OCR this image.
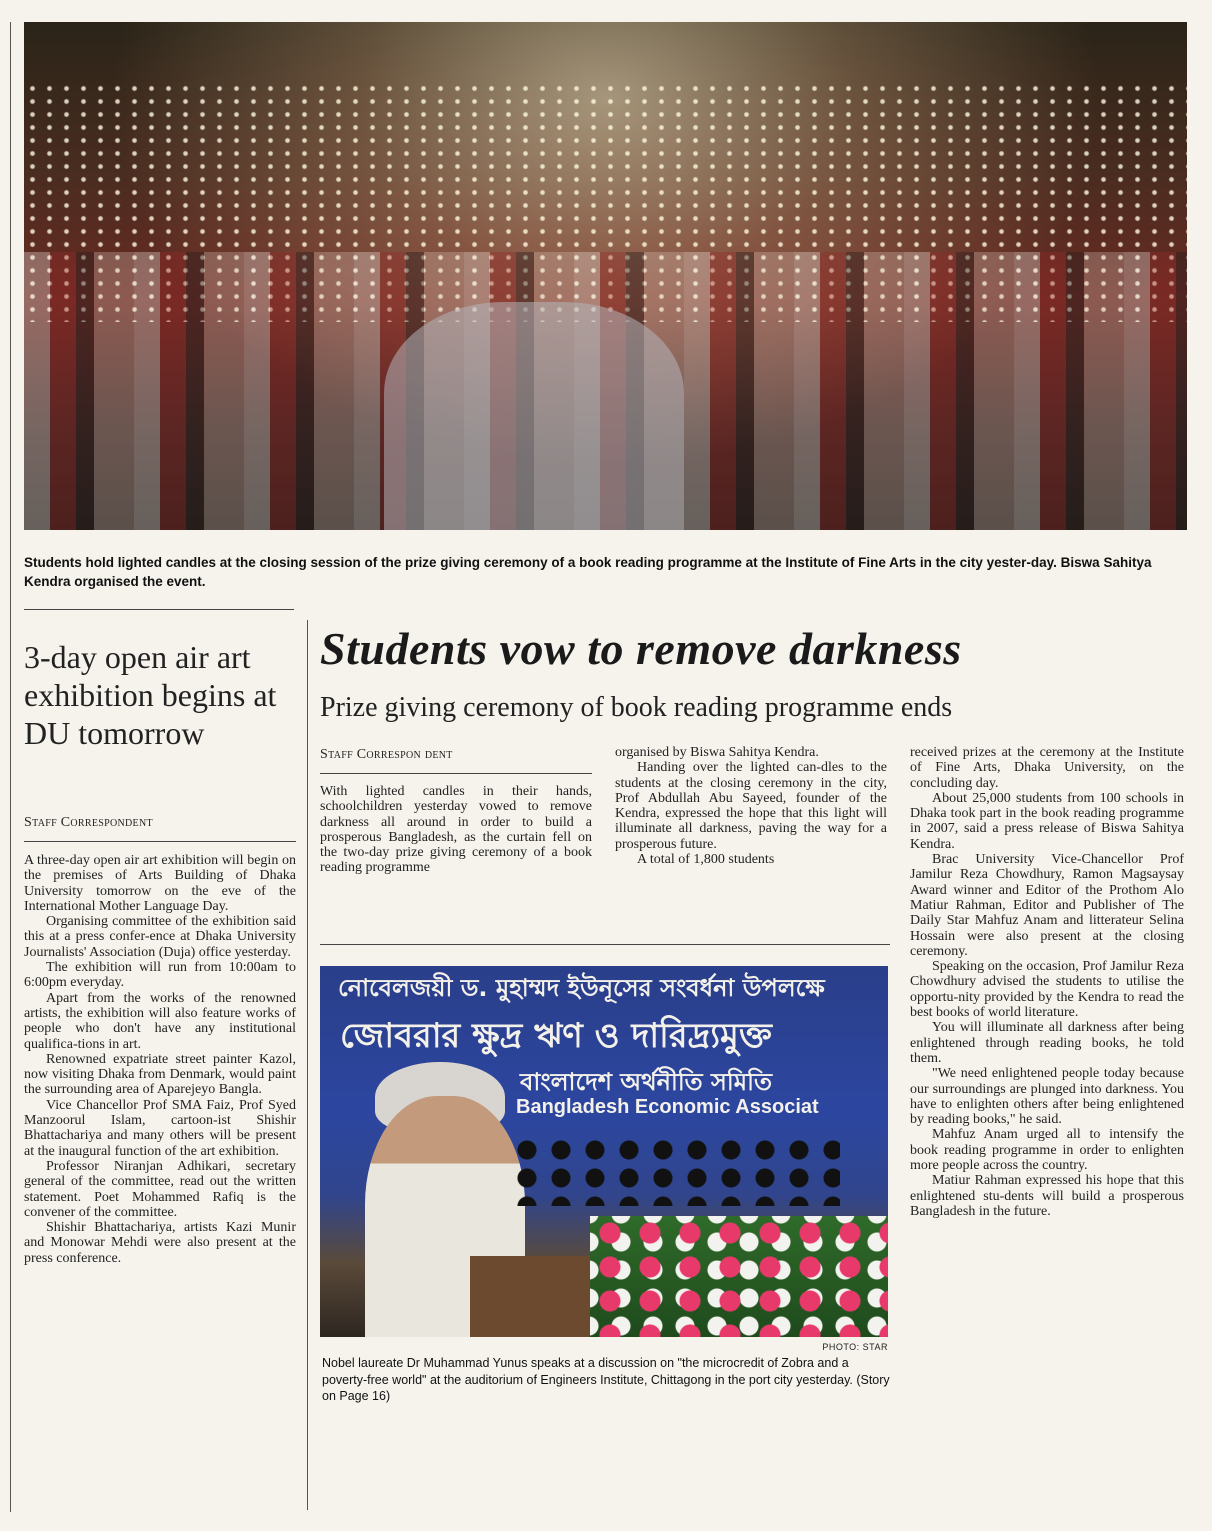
Students hold lighted candles at the closing session of the prize giving ceremony of a book reading programme at the Institute of Fine Arts in the city yester-day. Biswa Sahitya Kendra organised the event.
3-day open air art exhibition begins at DU tomorrow
Staff Correspondent

A three-day open air art exhibition will begin on the premises of Arts Building of Dhaka University tomorrow on the eve of the International Mother Language Day.

Organising committee of the exhibition said this at a press confer-ence at Dhaka University Journalists' Association (Duja) office yesterday.

The exhibition will run from 10:00am to 6:00pm everyday.

Apart from the works of the renowned artists, the exhibition will also feature works of people who don't have any institutional qualifica-tions in art.

Renowned expatriate street painter Kazol, now visiting Dhaka from Denmark, would paint the surrounding area of Aparejeyo Bangla.

Vice Chancellor Prof SMA Faiz, Prof Syed Manzoorul Islam, cartoon-ist Shishir Bhattachariya and many others will be present at the inaugural function of the art exhibition.

Professor Niranjan Adhikari, secretary general of the committee, read out the written statement. Poet Mohammed Rafiq is the convener of the committee.

Shishir Bhattachariya, artists Kazi Munir and Monowar Mehdi were also present at the press conference.

Students vow to remove darkness
Prize giving ceremony of book reading programme ends
Staff Correspon dent

With lighted candles in their hands, schoolchildren yesterday vowed to remove darkness all around in order to build a prosperous Bangladesh, as the curtain fell on the two-day prize giving ceremony of a book reading programme

organised by Biswa Sahitya Kendra.

Handing over the lighted can-dles to the students at the closing ceremony in the city, Prof Abdullah Abu Sayeed, founder of the Kendra, expressed the hope that this light will illuminate all darkness, paving the way for a prosperous future.

A total of 1,800 students

received prizes at the ceremony at the Institute of Fine Arts, Dhaka University, on the concluding day.

About 25,000 students from 100 schools in Dhaka took part in the book reading programme in 2007, said a press release of Biswa Sahitya Kendra.

Brac University Vice-Chancellor Prof Jamilur Reza Chowdhury, Ramon Magsaysay Award winner and Editor of the Prothom Alo Matiur Rahman, Editor and Publisher of The Daily Star Mahfuz Anam and litterateur Selina Hossain were also present at the closing ceremony.

Speaking on the occasion, Prof Jamilur Reza Chowdhury advised the students to utilise the opportu-nity provided by the Kendra to read the best books of world literature.

You will illuminate all darkness after being enlightened through reading books, he told them.

"We need enlightened people today because our surroundings are plunged into darkness. You have to enlighten others after being enlightened by reading books," he said.

Mahfuz Anam urged all to intensify the book reading programme in order to enlighten more people across the country.

Matiur Rahman expressed his hope that this enlightened stu-dents will build a prosperous Bangladesh in the future.

নোবেলজয়ী ড. মুহাম্মদ ইউনূসের সংবর্ধনা উপলক্ষে
জোবরার ক্ষুদ্র ঋণ ও দারিদ্র্যমুক্ত
বাংলাদেশ অর্থনীতি সমিতি
Bangladesh Economic Associat
PHOTO: STAR
Nobel laureate Dr Muhammad Yunus speaks at a discussion on "the microcredit of Zobra and a poverty-free world" at the auditorium of Engineers Institute, Chittagong in the port city yesterday. (Story on Page 16)
